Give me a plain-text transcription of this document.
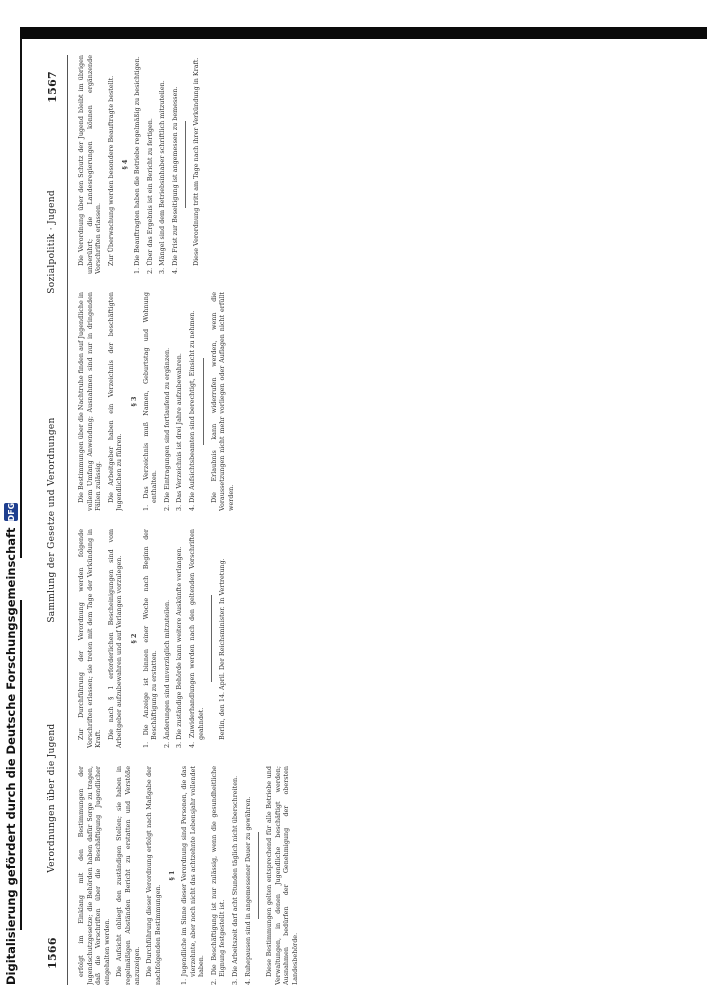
1566
Verordnungen über die Jugend
Sammlung der Gesetze und Verordnungen
Sozialpolitik · Jugend
1567

erfolgt im Einklang mit den Bestimmungen der Jugendschutzgesetze; die Behörden haben dafür Sorge zu tragen, daß die Vorschriften über die Beschäftigung Jugendlicher eingehalten werden. Die Aufsicht obliegt den zuständigen Stellen; sie haben in regelmäßigen Abständen Bericht zu erstatten und Verstöße anzuzeigen. Die Durchführung dieser Verordnung erfolgt nach Maßgabe der nachfolgenden Bestimmungen.

§ 1 1. Jugendliche im Sinne dieser Verordnung sind Personen, die das vierzehnte, aber noch nicht das achtzehnte Lebensjahr vollendet haben. 2. Die Beschäftigung ist nur zulässig, wenn die gesundheitliche Eignung festgestellt ist. 3. Die Arbeitszeit darf acht Stunden täglich nicht überschreiten. 4. Ruhepausen sind in angemessener Dauer zu gewähren. Diese Bestimmungen gelten entsprechend für alle Betriebe und Verwaltungen, in denen Jugendliche beschäftigt werden; Ausnahmen bedürfen der Genehmigung der obersten Landesbehörde.

Zur Durchführung der Verordnung werden folgende Vorschriften erlassen; sie treten mit dem Tage der Verkündung in Kraft. Die nach § 1 erforderlichen Bescheinigungen sind vom Arbeitgeber aufzubewahren und auf Verlangen vorzulegen. § 2 1. Die Anzeige ist binnen einer Woche nach Beginn der Beschäftigung zu erstatten. 2. Änderungen sind unverzüglich mitzuteilen. 3. Die zuständige Behörde kann weitere Auskünfte verlangen. 4. Zuwiderhandlungen werden nach den geltenden Vorschriften geahndet. Berlin, den 14. April. Der Reichsminister. In Vertretung.

Die Bestimmungen über die Nachtruhe finden auf Jugendliche in vollem Umfang Anwendung; Ausnahmen sind nur in dringenden Fällen zulässig. Die Arbeitgeber haben ein Verzeichnis der beschäftigten Jugendlichen zu führen.

§ 3 1. Das Verzeichnis muß Namen, Geburtstag und Wohnung enthalten. 2. Die Eintragungen sind fortlaufend zu ergänzen. 3. Das Verzeichnis ist drei Jahre aufzubewahren. 4. Die Aufsichtsbeamten sind berechtigt, Einsicht zu nehmen. Die Erlaubnis kann widerrufen werden, wenn die Voraussetzungen nicht mehr vorliegen oder Auflagen nicht erfüllt werden.

Die Verordnung über den Schutz der Jugend bleibt im übrigen unberührt; die Landesregierungen können ergänzende Vorschriften erlassen. Zur Überwachung werden besondere Beauftragte bestellt. § 4 1. Die Beauftragten haben die Betriebe regelmäßig zu besichtigen. 2. Über das Ergebnis ist ein Bericht zu fertigen. 3. Mängel sind dem Betriebsinhaber schriftlich mitzuteilen. 4. Die Frist zur Beseitigung ist angemessen zu bemessen. Diese Verordnung tritt am Tage nach ihrer Verkündung in Kraft.

Digitalisierung gefördert durch die Deutsche Forschungsgemeinschaft
DFG
